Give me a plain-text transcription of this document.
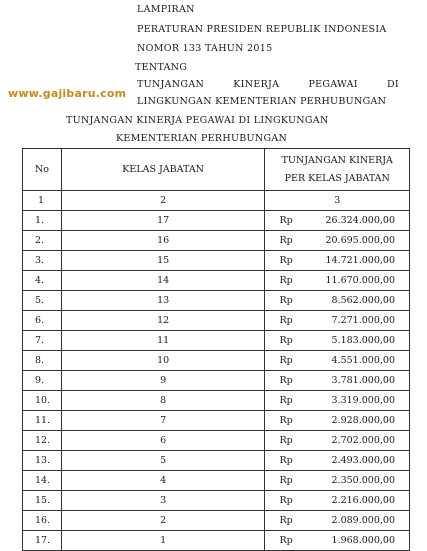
LAMPIRAN
PERATURAN PRESIDEN REPUBLIK INDONESIA
NOMOR 133 TAHUN 2015
TENTANG
TUNJANGAN	KINERJA	PEGAWAI	DI
www.gajibaru.com
LINGKUNGAN KEMENTERIAN PERHUBUNGAN
TUNJANGAN KINERJA PEGAWAI DI LINGKUNGAN
KEMENTERIAN PERHUBUNGAN
No	KELAS JABATAN	TUNJANGAN KINERJA
PER KELAS JABATAN

1	2	3
1.	17	Rp 26.324.000,00

2.	16	Rp 20.695.000,00

3.	15	Rp 14.721.000,00

4.	14	Rp 11.670.000,00

5.	13	Rp 8.562.000,00

6.	12	Rp 7.271.000,00

7.	11	Rp 5.183.000,00

8.	10	Rp 4.551.000,00

9.	9	Rp 3.781.000,00

10.	8	Rp 3.319.000,00

11.	7	Rp 2.928.000,00

12.	6	Rp 2.702.000,00

13.	5	Rp 2.493.000,00

14.	4	Rp 2.350.000,00

15.	3	Rp 2.216.000,00

16.	2	Rp 2.089.000,00

17.	1	Rp 1.968.000,00
